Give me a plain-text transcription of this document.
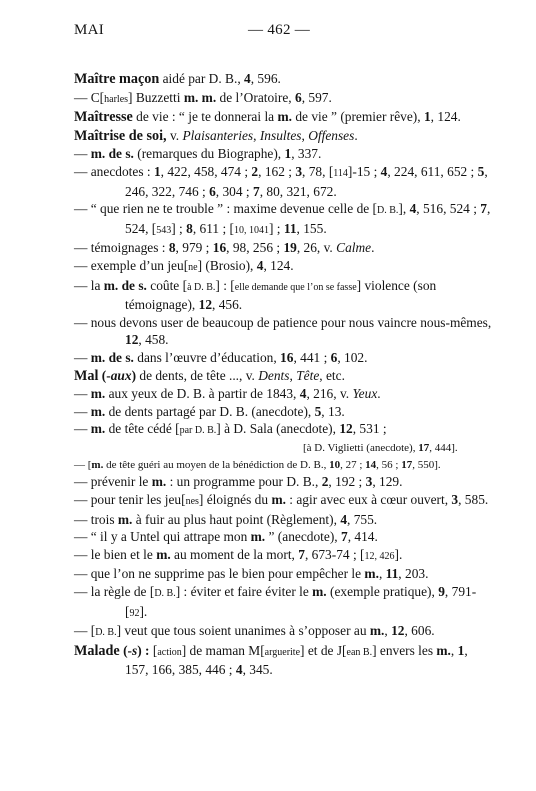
MAI	— 462 —
Maître maçon aidé par D. B., 4, 596.
— C[harles] Buzzetti m. m. de l’Oratoire, 6, 597.
Maîtresse de vie : “ je te donnerai la m. de vie ” (premier rêve), 1, 124.
Maîtrise de soi, v. Plaisanteries, Insultes, Offenses.
— m. de s. (remarques du Biographe), 1, 337.
— anecdotes : 1, 422, 458, 474 ; 2, 162 ; 3, 78, [114]-15 ; 4, 224, 611, 652 ; 5, 246, 322, 746 ; 6, 304 ; 7, 80, 321, 672.
— “ que rien ne te trouble ” : maxime devenue celle de [D. B.], 4, 516, 524 ; 7, 524, [543] ; 8, 611 ; [10, 1041] ; 11, 155.
— témoignages : 8, 979 ; 16, 98, 256 ; 19, 26, v. Calme.
— exemple d’un jeu[ne] (Brosio), 4, 124.
— la m. de s. coûte [à D. B.] : [elle demande que l’on se fasse] violence (son témoignage), 12, 456.
— nous devons user de beaucoup de patience pour nous vaincre nous-mêmes, 12, 458.
— m. de s. dans l’œuvre d’éducation, 16, 441 ; 6, 102.
Mal (-aux) de dents, de tête ..., v. Dents, Tête, etc.
— m. aux yeux de D. B. à partir de 1843, 4, 216, v. Yeux.
— m. de dents partagé par D. B. (anecdote), 5, 13.
— m. de tête cédé [par D. B.] à D. Sala (anecdote), 12, 531 ;
[à D. Viglietti (anecdote), 17, 444].
— [m. de tête guéri au moyen de la bénédiction de D. B., 10, 27 ; 14, 56 ; 17, 550].
— prévenir le m. : un programme pour D. B., 2, 192 ; 3, 129.
— pour tenir les jeu[nes] éloignés du m. : agir avec eux à cœur ouvert, 3, 585.
— trois m. à fuir au plus haut point (Règlement), 4, 755.
— “ il y a Untel qui attrape mon m. ” (anecdote), 7, 414.
— le bien et le m. au moment de la mort, 7, 673-74 ; [12, 426].
— que l’on ne supprime pas le bien pour empêcher le m., 11, 203.
— la règle de [D. B.] : éviter et faire éviter le m. (exemple pratique), 9, 791-[92].
— [D. B.] veut que tous soient unanimes à s’opposer au m., 12, 606.
Malade (-s) : [action] de maman M[arguerite] et de J[ean B.] envers les m., 1, 157, 166, 385, 446 ; 4, 345.
